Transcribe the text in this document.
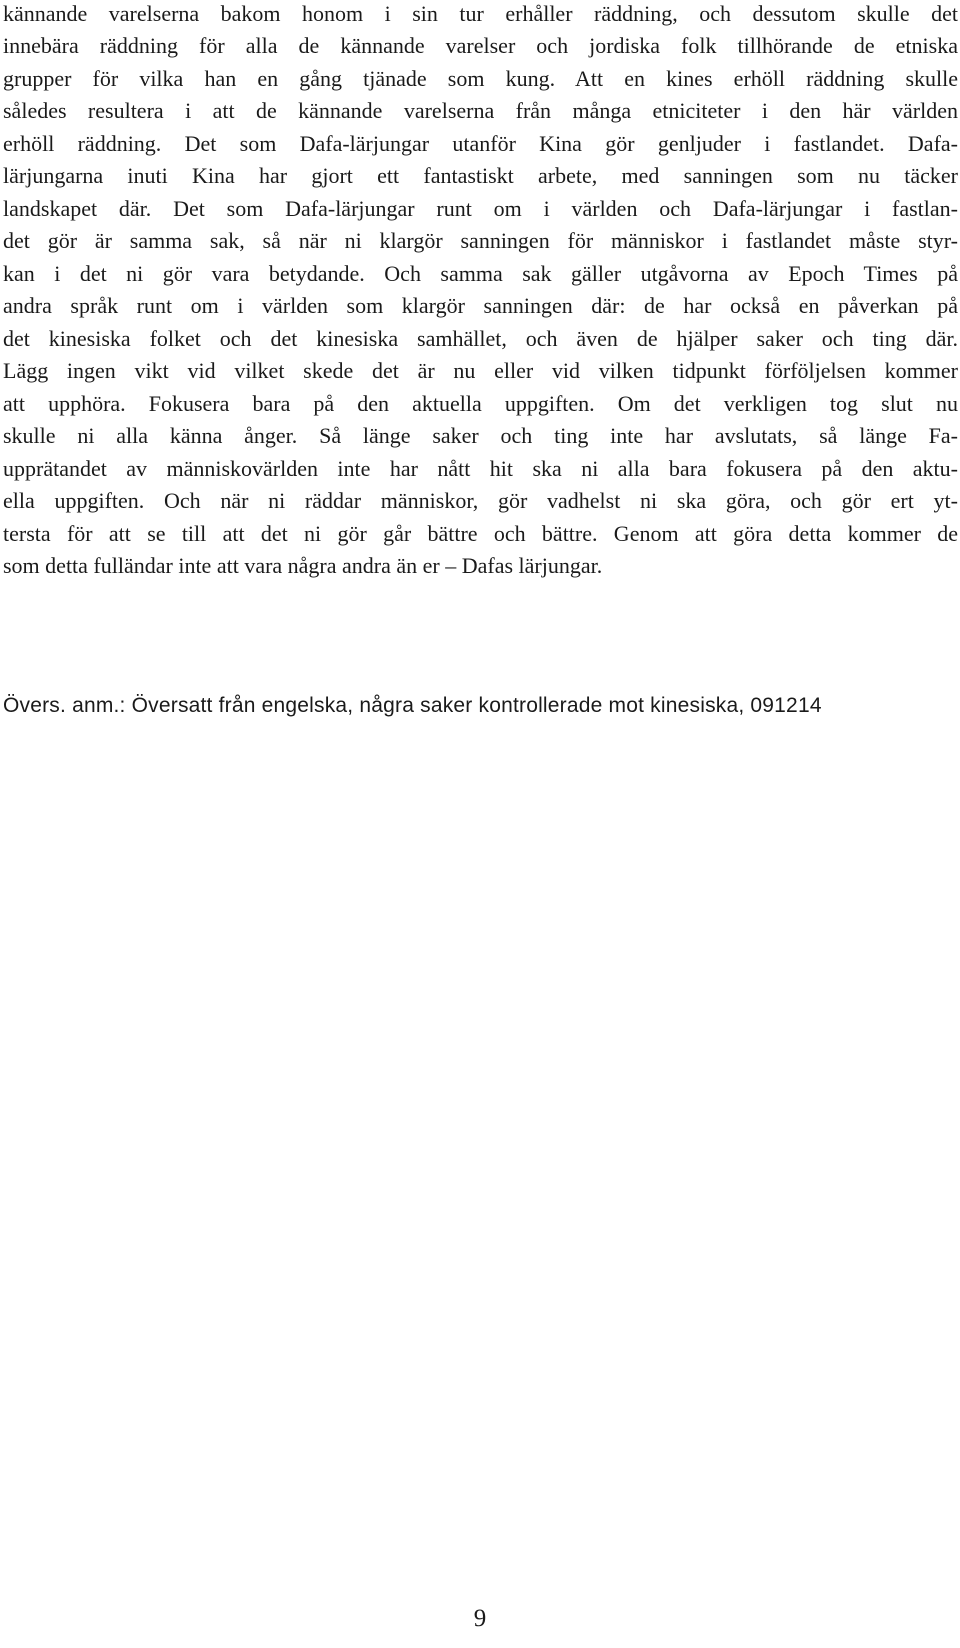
kännande varelserna bakom honom i sin tur erhåller räddning, och dessutom skulle det

innebära räddning för alla de kännande varelser och jordiska folk tillhörande de etniska

grupper för vilka han en gång tjänade som kung. Att en kines erhöll räddning skulle

således resultera i att de kännande varelserna från många etniciteter i den här världen

erhöll räddning. Det som Dafa-lärjungar utanför Kina gör genljuder i fastlandet. Dafa-

lärjungarna inuti Kina har gjort ett fantastiskt arbete, med sanningen som nu täcker

landskapet där. Det som Dafa-lärjungar runt om i världen och Dafa-lärjungar i fastlan-

det gör är samma sak, så när ni klargör sanningen för människor i fastlandet måste styr-

kan i det ni gör vara betydande. Och samma sak gäller utgåvorna av Epoch Times på

andra språk runt om i världen som klargör sanningen där: de har också en påverkan på

det kinesiska folket och det kinesiska samhället, och även de hjälper saker och ting där.

Lägg ingen vikt vid vilket skede det är nu eller vid vilken tidpunkt förföljelsen kommer

att upphöra. Fokusera bara på den aktuella uppgiften. Om det verkligen tog slut nu

skulle ni alla känna ånger. Så länge saker och ting inte har avslutats, så länge Fa-

upprätandet av människovärlden inte har nått hit ska ni alla bara fokusera på den aktu-

ella uppgiften. Och när ni räddar människor, gör vadhelst ni ska göra, och gör ert yt-

tersta för att se till att det ni gör går bättre och bättre. Genom att göra detta kommer de

som detta fulländar inte att vara några andra än er – Dafas lärjungar.

Övers. anm.: Översatt från engelska, några saker kontrollerade mot kinesiska, 091214

9
